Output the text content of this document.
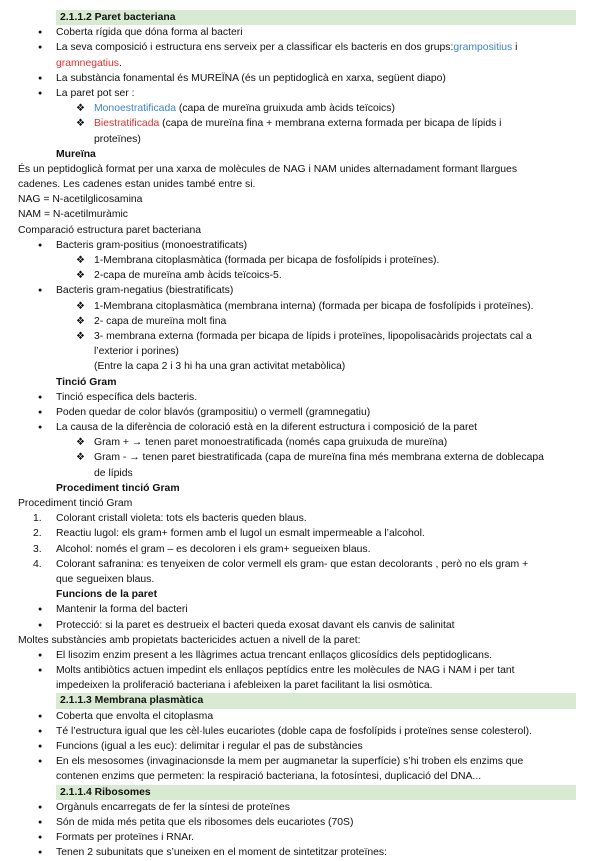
2.1.1.2 Paret bacteriana
● Coberta rígida que dóna forma al bacteri
● La seva composició i estructura ens serveix per a classificar els bacteris en dos grups:grampositius i
gramnegatius.
● La substància fonamental és MUREÏNA (és un peptidoglicà en xarxa, següent diapo)
● La paret pot ser :
❖ Monoestratificada (capa de mureïna gruixuda amb àcids teïcoics)
❖ Biestratificada (capa de mureïna fina + membrana externa formada per bicapa de lípids i
proteïnes)
Mureïna
És un peptidoglicà format per una xarxa de molècules de NAG i NAM unides alternadament formant llargues
cadenes. Les cadenes estan unides també entre si.
NAG = N-acetilglicosamina
NAM = N-acetilmuràmic
Comparació estructura paret bacteriana
● Bacteris gram-positius (monoestratificats)
❖ 1-Membrana citoplasmàtica (formada per bicapa de fosfolípids i proteïnes).
❖ 2-capa de mureïna amb àcids teïcoics-5.
● Bacteris gram-negatius (biestratificats)
❖ 1-Membrana citoplasmàtica (membrana interna) (formada per bicapa de fosfolípids i proteïnes).
❖ 2- capa de mureïna molt fina
❖ 3- membrana externa (formada per bicapa de lípids i proteïnes, lipopolisacàrids projectats cal a
l’exterior i porines)
(Entre la capa 2 i 3 hi ha una gran activitat metabòlica)
Tinció Gram
● Tinció específica dels bacteris.
● Poden quedar de color blavós (grampositiu) o vermell (gramnegatiu)
● La causa de la diferència de coloració està en la diferent estructura i composició de la paret
❖ Gram + → tenen paret monoestratificada (només capa gruixuda de mureïna)
❖ Gram - → tenen paret biestratificada (capa de mureïna fina més membrana externa de doblecapa
de lípids
Procediment tinció Gram
Procediment tinció Gram
1. Colorant cristall violeta: tots els bacteris queden blaus.
2. Reactiu lugol: els gram+ formen amb el lugol un esmalt impermeable a l’alcohol.
3. Alcohol: només el gram – es decoloren i els gram+ segueixen blaus.
4. Colorant safranina: es tenyeixen de color vermell els gram- que estan decolorants , però no els gram +
que segueixen blaus.
Funcions de la paret
● Mantenir la forma del bacteri
● Protecció: si la paret es destrueix el bacteri queda exosat davant els canvis de salinitat
Moltes substàncies amb propietats bactericides actuen a nivell de la paret:
● El lisozim enzim present a les llàgrimes actua trencant enllaços glicosídics dels peptidoglicans.
● Molts antibiòtics actuen impedint els enllaços peptídics entre les molècules de NAG i NAM i per tant
impedeixen la proliferació bacteriana i afebleixen la paret facilitant la lisi osmòtica.
2.1.1.3 Membrana plasmàtica
● Coberta que envolta el citoplasma
● Té l’estructura igual que les cèl·lules eucariotes (doble capa de fosfolípids i proteïnes sense colesterol).
● Funcions (igual a les euc): delimitar i regular el pas de substàncies
● En els mesosomes (invaginacionsde la mem per augmanetar la superfície) s’hi troben els enzims que
contenen enzims que permeten: la respiració bacteriana, la fotosíntesi, duplicació del DNA...
2.1.1.4 Ribosomes
● Orgànuls encarregats de fer la síntesi de proteïnes
● Són de mida més petita que els ribosomes dels eucariotes (70S)
● Formats per proteïnes i RNAr.
● Tenen 2 subunitats que s’uneixen en el moment de sintetitzar proteïnes:
